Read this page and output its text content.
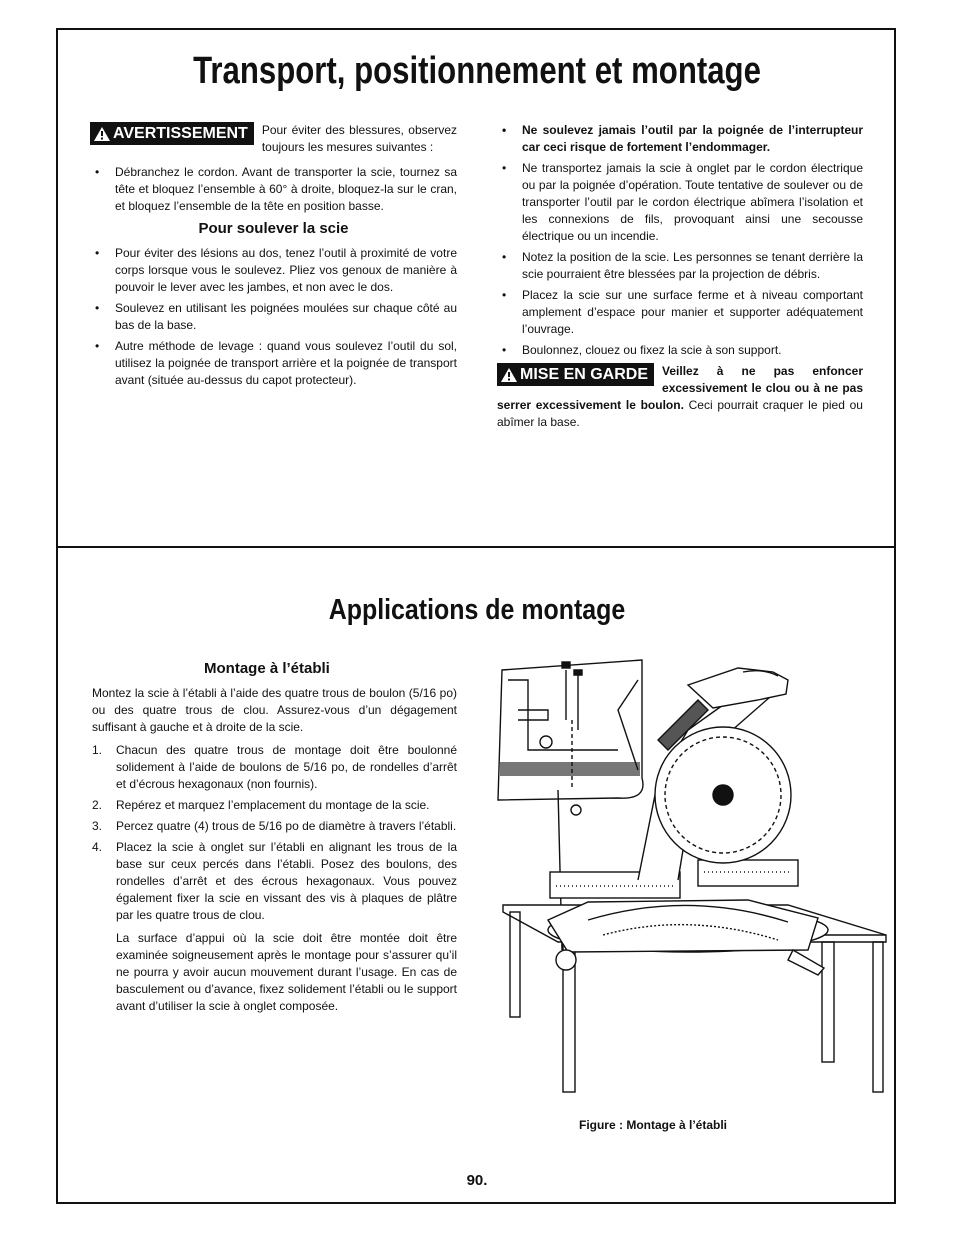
Transport, positionnement et montage

AVERTISSEMENT Pour éviter des blessures, observez toujours les mesures suivantes :

• Débranchez le cordon. Avant de transporter la scie, tournez sa tête et bloquez l’ensemble à 60° à droite, bloquez-la sur le cran, et bloquez l’ensemble de la tête en position basse.
Pour soulever la scie
• Pour éviter des lésions au dos, tenez l’outil à proximité de votre corps lorsque vous le soulevez. Pliez vos genoux de manière à pouvoir le lever avec les jambes, et non avec le dos.
• Soulevez en utilisant les poignées moulées sur chaque côté au bas de la base.
• Autre méthode de levage : quand vous soulevez l’outil du sol, utilisez la poignée de transport arrière et la poignée de transport avant (située au-dessus du capot protecteur).
• Ne soulevez jamais l’outil par la poignée de l’interrupteur car ceci risque de fortement l’endommager.
• Ne transportez jamais la scie à onglet par le cordon électrique ou par la poignée d’opération. Toute tentative de soulever ou de transporter l’outil par le cordon électrique abîmera l’isolation et les connexions de fils, provoquant ainsi une secousse électrique ou un incendie.
• Notez la position de la scie. Les personnes se tenant derrière la scie pourraient être blessées par la projection de débris.
• Placez la scie sur une surface ferme et à niveau comportant amplement d’espace pour manier et supporter adéquatement l’ouvrage.
• Boulonnez, clouez ou fixez la scie à son support.

MISE EN GARDE Veillez à ne pas enfoncer excessivement le clou ou à ne pas serrer excessivement le boulon. Ceci pourrait craquer le pied ou abîmer la base.

Applications de montage
Montage à l’établi

Montez la scie à l’établi à l’aide des quatre trous de boulon (5/16 po) ou des quatre trous de clou. Assurez-vous d’un dégagement suffisant à gauche et à droite de la scie.

1. Chacun des quatre trous de montage doit être boulonné solidement à l’aide de boulons de 5/16 po, de rondelles d’arrêt et d’écrous hexagonaux (non fournis).
2. Repérez et marquez l’emplacement du montage de la scie.
3. Percez quatre (4) trous de 5/16 po de diamètre à travers l’établi.
4. Placez la scie à onglet sur l’établi en alignant les trous de la base sur ceux percés dans l’établi. Posez des boulons, des rondelles d’arrêt et des écrous hexagonaux. Vous pouvez également fixer la scie en vissant des vis à plaques de plâtre par les quatre trous de clou.
La surface d’appui où la scie doit être montée doit être examinée soigneusement après le montage pour s’assurer qu’il ne pourra y avoir aucun mouvement durant l’usage. En cas de basculement ou d’avance, fixez solidement l’établi ou le support avant d’utiliser la scie à onglet composée.
Figure : Montage à l’établi
90.
